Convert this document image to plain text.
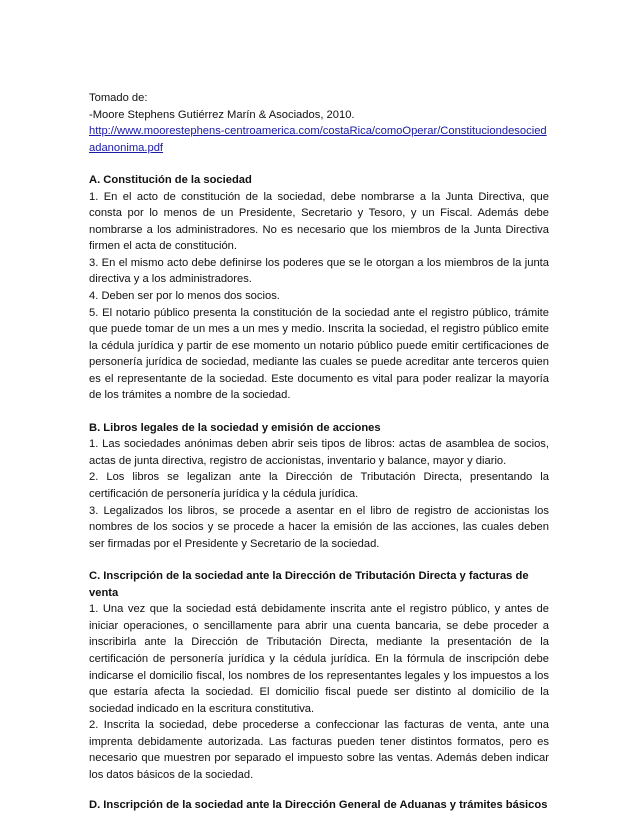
Tomado de:
-Moore Stephens Gutiérrez Marín & Asociados, 2010.
http://www.moorestephens-centroamerica.com/costaRica/comoOperar/Constituciondesociedadanonima.pdf
A. Constitución de la sociedad
1. En el acto de constitución de la sociedad, debe nombrarse a la Junta Directiva, que consta por lo menos de un Presidente, Secretario y Tesoro, y un Fiscal. Además debe nombrarse a los administradores. No es necesario que los miembros de la Junta Directiva firmen el acta de constitución.
3. En el mismo acto debe definirse los poderes que se le otorgan a los miembros de la junta directiva y a los administradores.
4. Deben ser por lo menos dos socios.
5. El notario público presenta la constitución de la sociedad ante el registro público, trámite que puede tomar de un mes a un mes y medio. Inscrita la sociedad, el registro público emite la cédula jurídica y partir de ese momento un notario público puede emitir certificaciones de personería jurídica de sociedad, mediante las cuales se puede acreditar ante terceros quien es el representante de la sociedad. Este documento es vital para poder realizar la mayoría de los trámites a nombre de la sociedad.
B. Libros legales de la sociedad y emisión de acciones
1. Las sociedades anónimas deben abrir seis tipos de libros: actas de asamblea de socios, actas de junta directiva, registro de accionistas, inventario y balance, mayor y diario.
2. Los libros se legalizan ante la Dirección de Tributación Directa, presentando la certificación de personería jurídica y la cédula jurídica.
3. Legalizados los libros, se procede a asentar en el libro de registro de accionistas los nombres de los socios y se procede a hacer la emisión de las acciones, las cuales deben ser firmadas por el Presidente y Secretario de la sociedad.
C. Inscripción de la sociedad ante la Dirección de Tributación Directa y facturas de venta
1. Una vez que la sociedad está debidamente inscrita ante el registro público, y antes de iniciar operaciones, o sencillamente para abrir una cuenta bancaria, se debe proceder a inscribirla ante la Dirección de Tributación Directa, mediante la presentación de la certificación de personería jurídica y la cédula jurídica. En la fórmula de inscripción debe indicarse el domicilio fiscal, los nombres de los representantes legales y los impuestos a los que estaría afecta la sociedad. El domicilio fiscal puede ser distinto al domicilio de la sociedad indicado en la escritura constitutiva.
2. Inscrita la sociedad, debe procederse a confeccionar las facturas de venta, ante una imprenta debidamente autorizada. Las facturas pueden tener distintos formatos, pero es necesario que muestren por separado el impuesto sobre las ventas. Además deben indicar los datos básicos de la sociedad.
D. Inscripción de la sociedad ante la Dirección General de Aduanas y trámites básicos
